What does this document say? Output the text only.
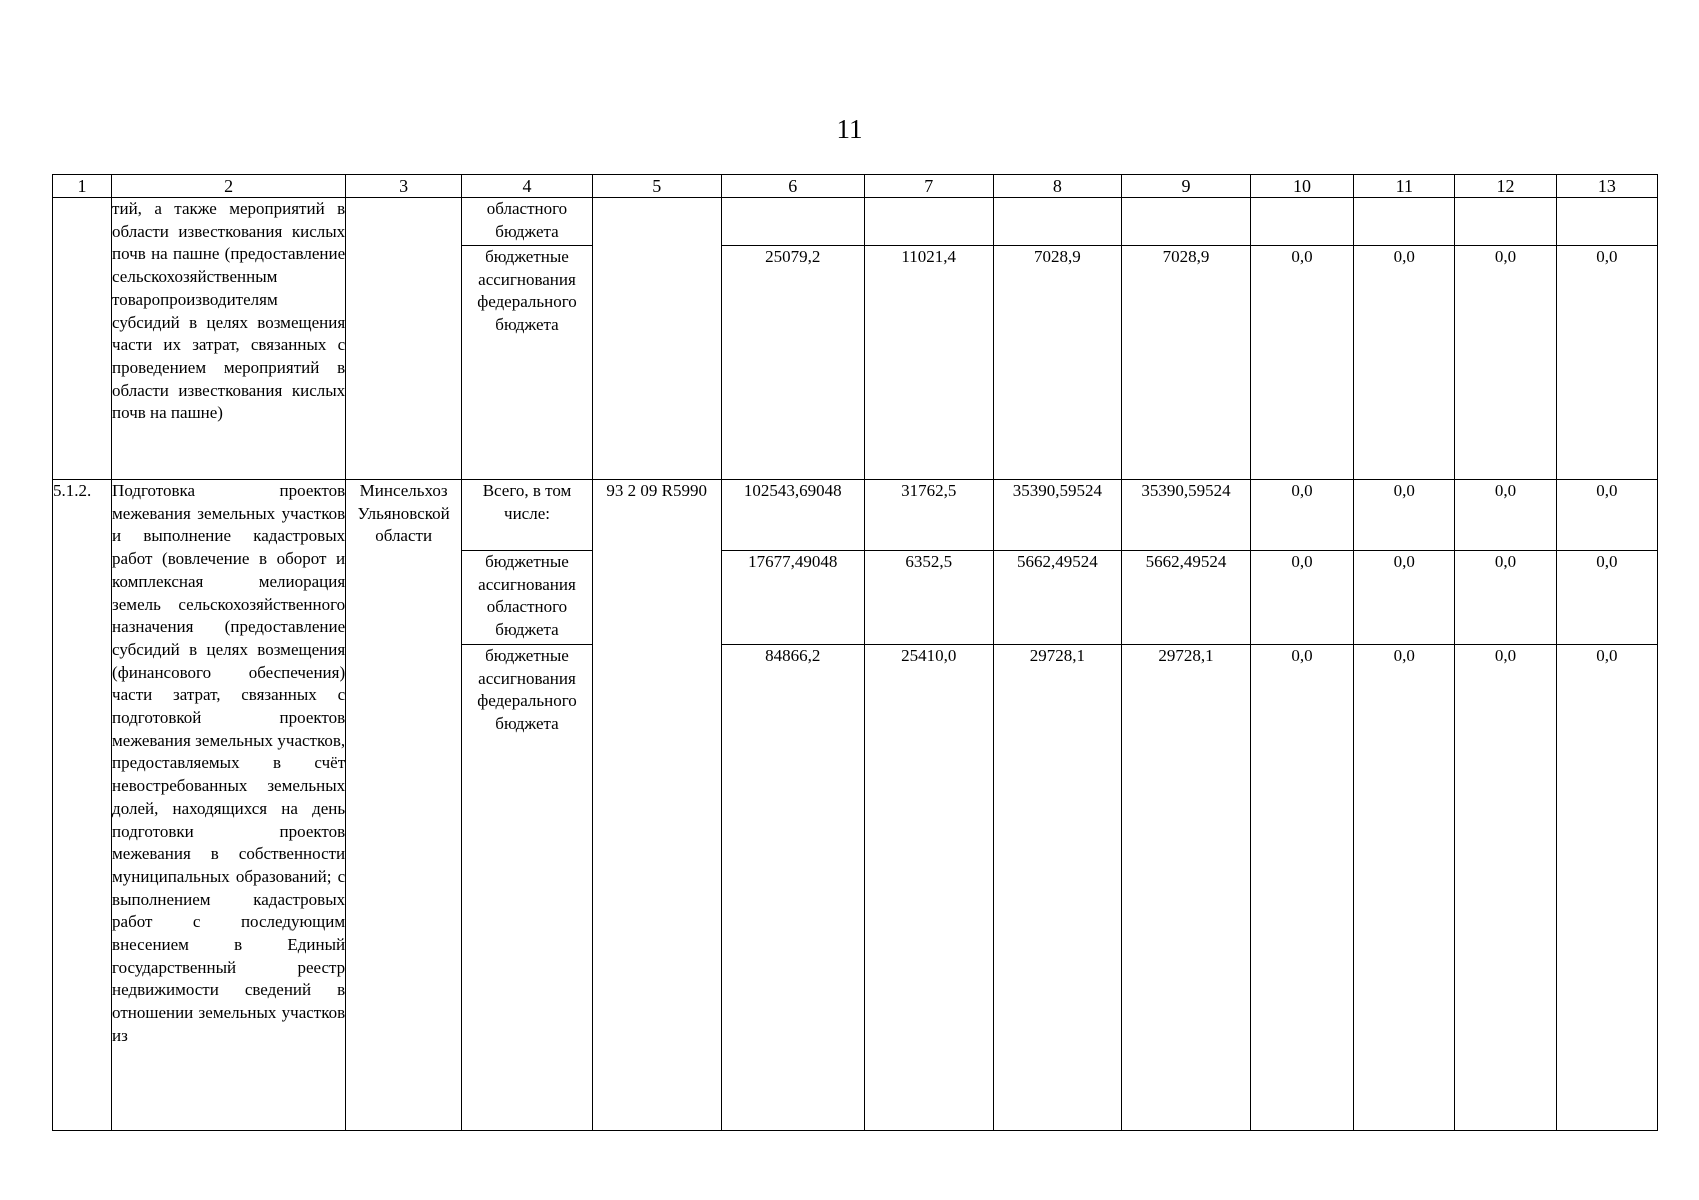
11
1	2	3	4	5	6	7	8	9	10	11	12	13
	тий, а также мероприятий в области известкования кислых почв на пашне (предоставление сельскохозяйственным товаропроизводителям субсидий в целях возмещения части их затрат, связанных с проведением мероприятий в области известкования кислых почв на пашне)		областного бюджета									
			бюджетные ассигнования федерального бюджета		25079,2	11021,4	7028,9	7028,9	0,0	0,0	0,0	0,0
5.1.2.	Подготовка проектов межевания земельных участков и выполнение кадастровых работ (вовлечение в оборот и комплексная мелиорация земель сельскохозяйственного назначения (предоставление субсидий в целях возмещения (финансового обеспечения) части затрат, связанных с подготовкой проектов межевания земельных участков, предоставляемых в счёт невостребованных земельных долей, находящихся на день подготовки проектов межевания в собственности муниципальных образований; с выполнением кадастровых работ с последующим внесением в Единый государственный реестр недвижимости сведений в отношении земельных участков из	Минсельхоз Ульяновской области	Всего, в том числе:	93 2 09 R5990	102543,69048	31762,5	35390,59524	35390,59524	0,0	0,0	0,0	0,0
			бюджетные ассигнования областного бюджета		17677,49048	6352,5	5662,49524	5662,49524	0,0	0,0	0,0	0,0
			бюджетные ассигнования федерального бюджета		84866,2	25410,0	29728,1	29728,1	0,0	0,0	0,0	0,0
